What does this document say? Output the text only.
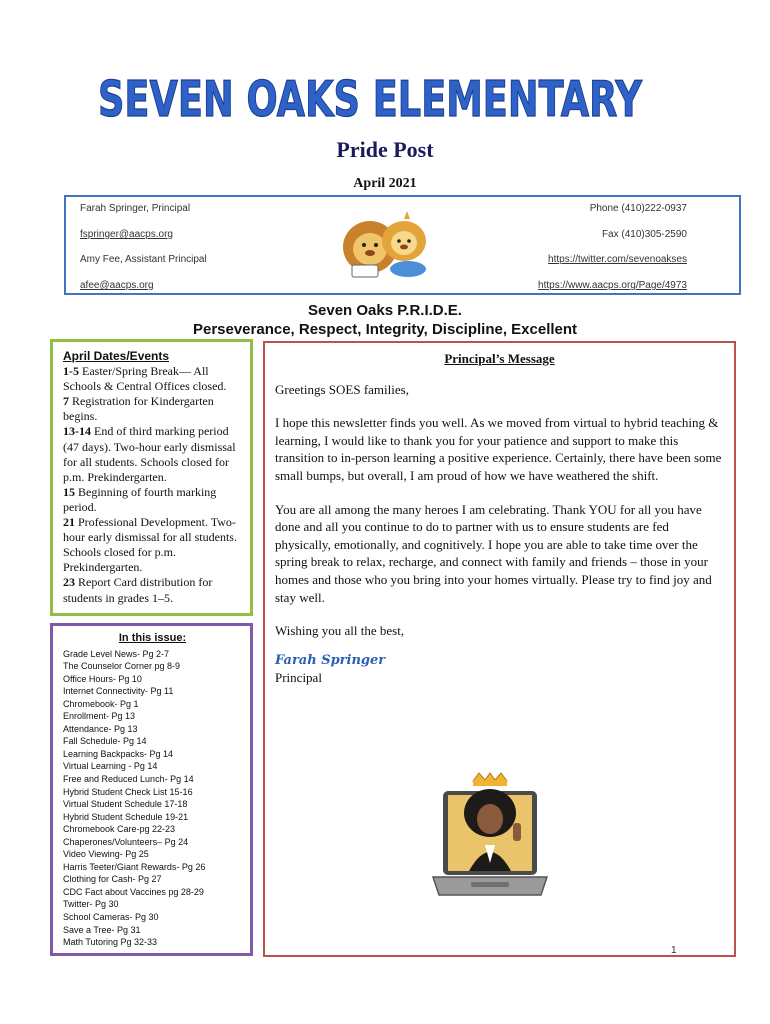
SEVEN OAKS ELEMENTARY
Pride Post
April 2021
Farah Springer, Principal
fspringer@aacps.org
Amy Fee, Assistant Principal
afee@aacps.org
Phone (410)222-0937
Fax (410)305-2590
https://twitter.com/sevenoakses
https://www.aacps.org/Page/4973
Seven Oaks P.R.I.D.E.
Perseverance, Respect, Integrity, Discipline, Excellent
April Dates/Events
1-5 Easter/Spring Break— All Schools & Central Offices closed.
7 Registration for Kindergarten begins.
13-14 End of third marking period (47 days). Two-hour early dismissal for all students. Schools closed for p.m. Prekindergarten.
15 Beginning of fourth marking period.
21 Professional Development. Two-hour early dismissal for all students. Schools closed for p.m. Prekindergarten.
23 Report Card distribution for students in grades 1–5.
In this issue:
Grade Level News- Pg 2-7
The Counselor Corner pg 8-9
Office Hours- Pg 10
Internet Connectivity- Pg 11
Chromebook- Pg 1
Enrollment- Pg 13
Attendance- Pg 13
Fall Schedule- Pg 14
Learning Backpacks- Pg 14
Virtual Learning - Pg 14
Free and Reduced Lunch- Pg 14
Hybrid Student Check List 15-16
Virtual Student Schedule 17-18
Hybrid Student Schedule 19-21
Chromebook Care-pg 22-23
Chaperones/Volunteers– Pg 24
Video Viewing- Pg 25
Harris Teeter/Giant Rewards- Pg 26
Clothing for Cash- Pg 27
CDC Fact about Vaccines pg 28-29
Twitter- Pg 30
School Cameras- Pg 30
Save a Tree- Pg 31
Math Tutoring Pg 32-33
Principal’s Message

Greetings SOES families,

I hope this newsletter finds you well. As we moved from virtual to hybrid teaching & learning, I would like to thank you for your patience and support to make this transition to in-person learning a positive experience. Certainly, there have been some small bumps, but overall, I am proud of how we have weathered the shift.

You are all among the many heroes I am celebrating. Thank YOU for all you have done and all you continue to do to partner with us to ensure students are fed physically, emotionally, and cognitively. I hope you are able to take time over the spring break to relax, recharge, and connect with family and friends – those in your homes and those who you bring into your homes virtually. Please try to find joy and stay well.

Wishing you all the best,

Farah Springer

Principal

1
